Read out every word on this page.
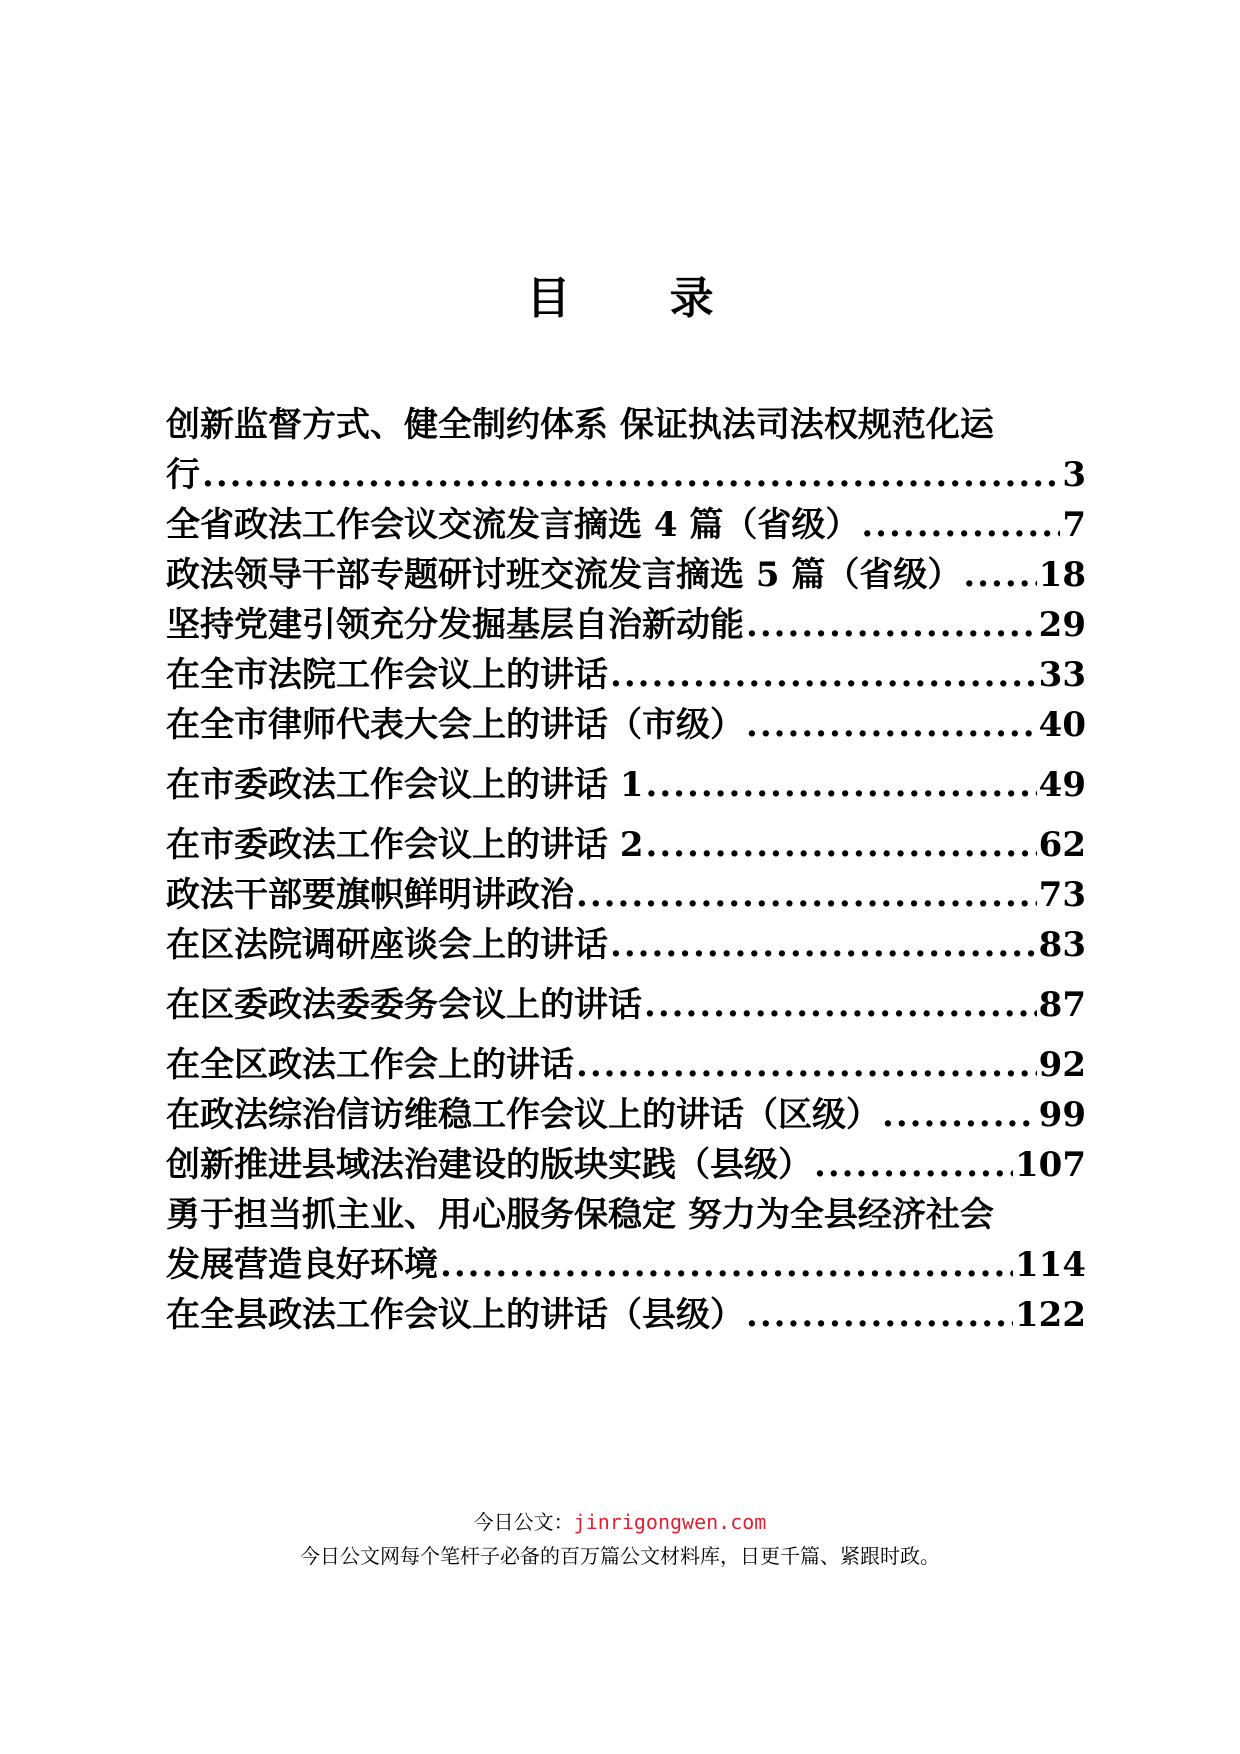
目 录
创新监督方式、健全制约体系 保证执法司法权规范化运
行 .....	3
全省政法工作会议交流发言摘选 4 篇（省级） .....	7
政法领导干部专题研讨班交流发言摘选 5 篇（省级） ..... 18
坚持党建引领充分发掘基层自治新动能 .....	29
在全市法院工作会议上的讲话 .....	33
在全市律师代表大会上的讲话（市级） .....	40
在市委政法工作会议上的讲话 1 .....	49
在市委政法工作会议上的讲话 2 .....	62
政法干部要旗帜鲜明讲政治 .....	73
在区法院调研座谈会上的讲话 .....	83
在区委政法委委务会议上的讲话 .....	87
在全区政法工作会上的讲话 .....	92
在政法综治信访维稳工作会议上的讲话（区级） .....	99
创新推进县域法治建设的版块实践（县级） .....	107
勇于担当抓主业、用心服务保稳定 努力为全县经济社会
发展营造良好环境 .....	114
在全县政法工作会议上的讲话（县级） .....	122
今日公文：jinrigongwen.com
今日公文网每个笔杆子必备的百万篇公文材料库，日更千篇、紧跟时政。
